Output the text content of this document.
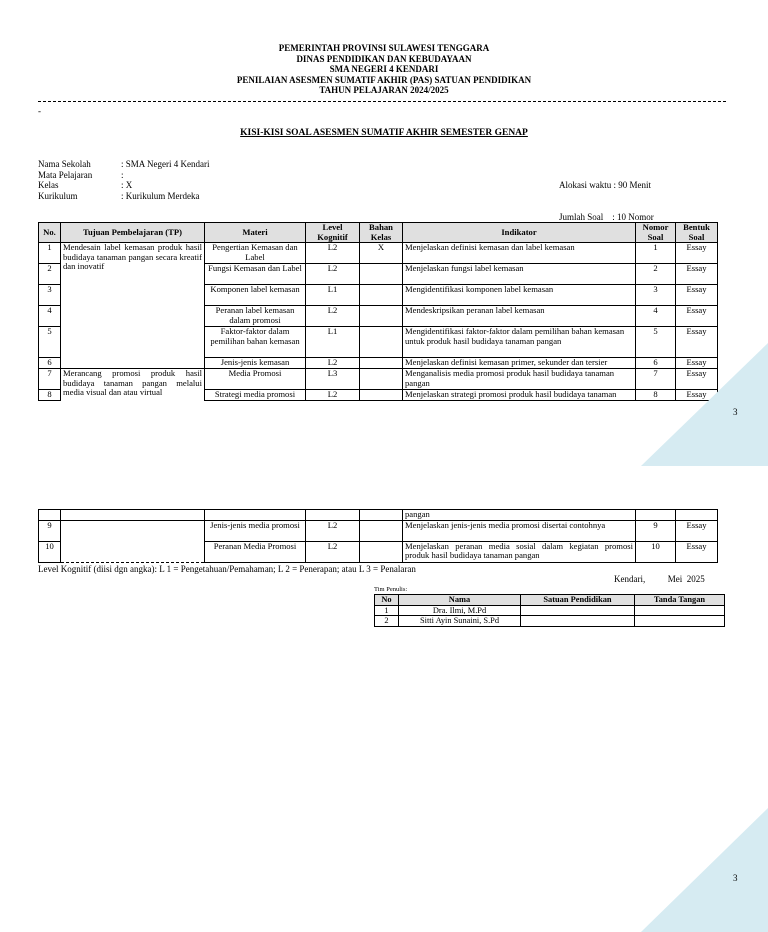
PEMERINTAH PROVINSI SULAWESI TENGGARA
DINAS PENDIDIKAN DAN KEBUDAYAAN
SMA NEGERI 4 KENDARI
PENILAIAN ASESMEN SUMATIF AKHIR (PAS) SATUAN PENDIDIKAN
TAHUN PELAJARAN 2024/2025
-
KISI-KISI SOAL ASESMEN SUMATIF AKHIR SEMESTER GENAP
Nama Sekolah	: SMA Negeri 4 Kendari
Mata Pelajaran	:
Kelas	: X
Kurikulum	: Kurikulum Merdeka

Alokasi waktu : 90 Menit

Jumlah Soal    : 10 Nomor

No.	Tujuan Pembelajaran (TP)	Materi	Level Kognitif	Bahan Kelas	Indikator	Nomor Soal	Bentuk Soal
1	Mendesain label kemasan produk hasil budidaya tanaman pangan secara kreatif dan inovatif	Pengertian Kemasan dan Label	L2	X	Menjelaskan definisi kemasan dan label kemasan	1	Essay
2		Fungsi Kemasan dan Label	L2		Menjelaskan fungsi label kemasan	2	Essay
3		Komponen label kemasan	L1		Mengidentifikasi komponen label kemasan	3	Essay
4		Peranan label kemasan dalam promosi	L2		Mendeskripsikan peranan label kemasan	4	Essay
5		Faktor-faktor dalam pemilihan bahan kemasan	L1		Mengidentifikasi faktor-faktor dalam pemilihan bahan kemasan untuk produk hasil budidaya tanaman pangan	5	Essay
6		Jenis-jenis kemasan	L2		Menjelaskan definisi kemasan primer, sekunder dan tersier	6	Essay
7	Merancang promosi produk hasil budidaya tanaman pangan melalui media visual dan atau virtual	Media Promosi	L3		Menganalisis media promosi produk hasil budidaya tanaman pangan	7	Essay
8		Strategi media promosi	L2		Menjelaskan strategi promosi produk hasil budidaya tanaman	8	Essay
3
					pangan		
9		Jenis-jenis media promosi	L2		Menjelaskan jenis-jenis media promosi disertai contohnya	9	Essay
10		Peranan Media Promosi	L2		Menjelaskan peranan media sosial dalam kegiatan promosi produk hasil budidaya tanaman pangan	10	Essay
Level Kognitif (diisi dgn angka): L 1 = Pengetahuan/Pemahaman; L 2 = Penerapan; atau L 3 = Penalaran
Kendari,          Mei  2025
Tim Penulis:
No	Nama	Satuan Pendidikan	Tanda Tangan
1	Dra. Ilmi, M.Pd		
2	Sitti Ayin Sunaini, S.Pd		
3
